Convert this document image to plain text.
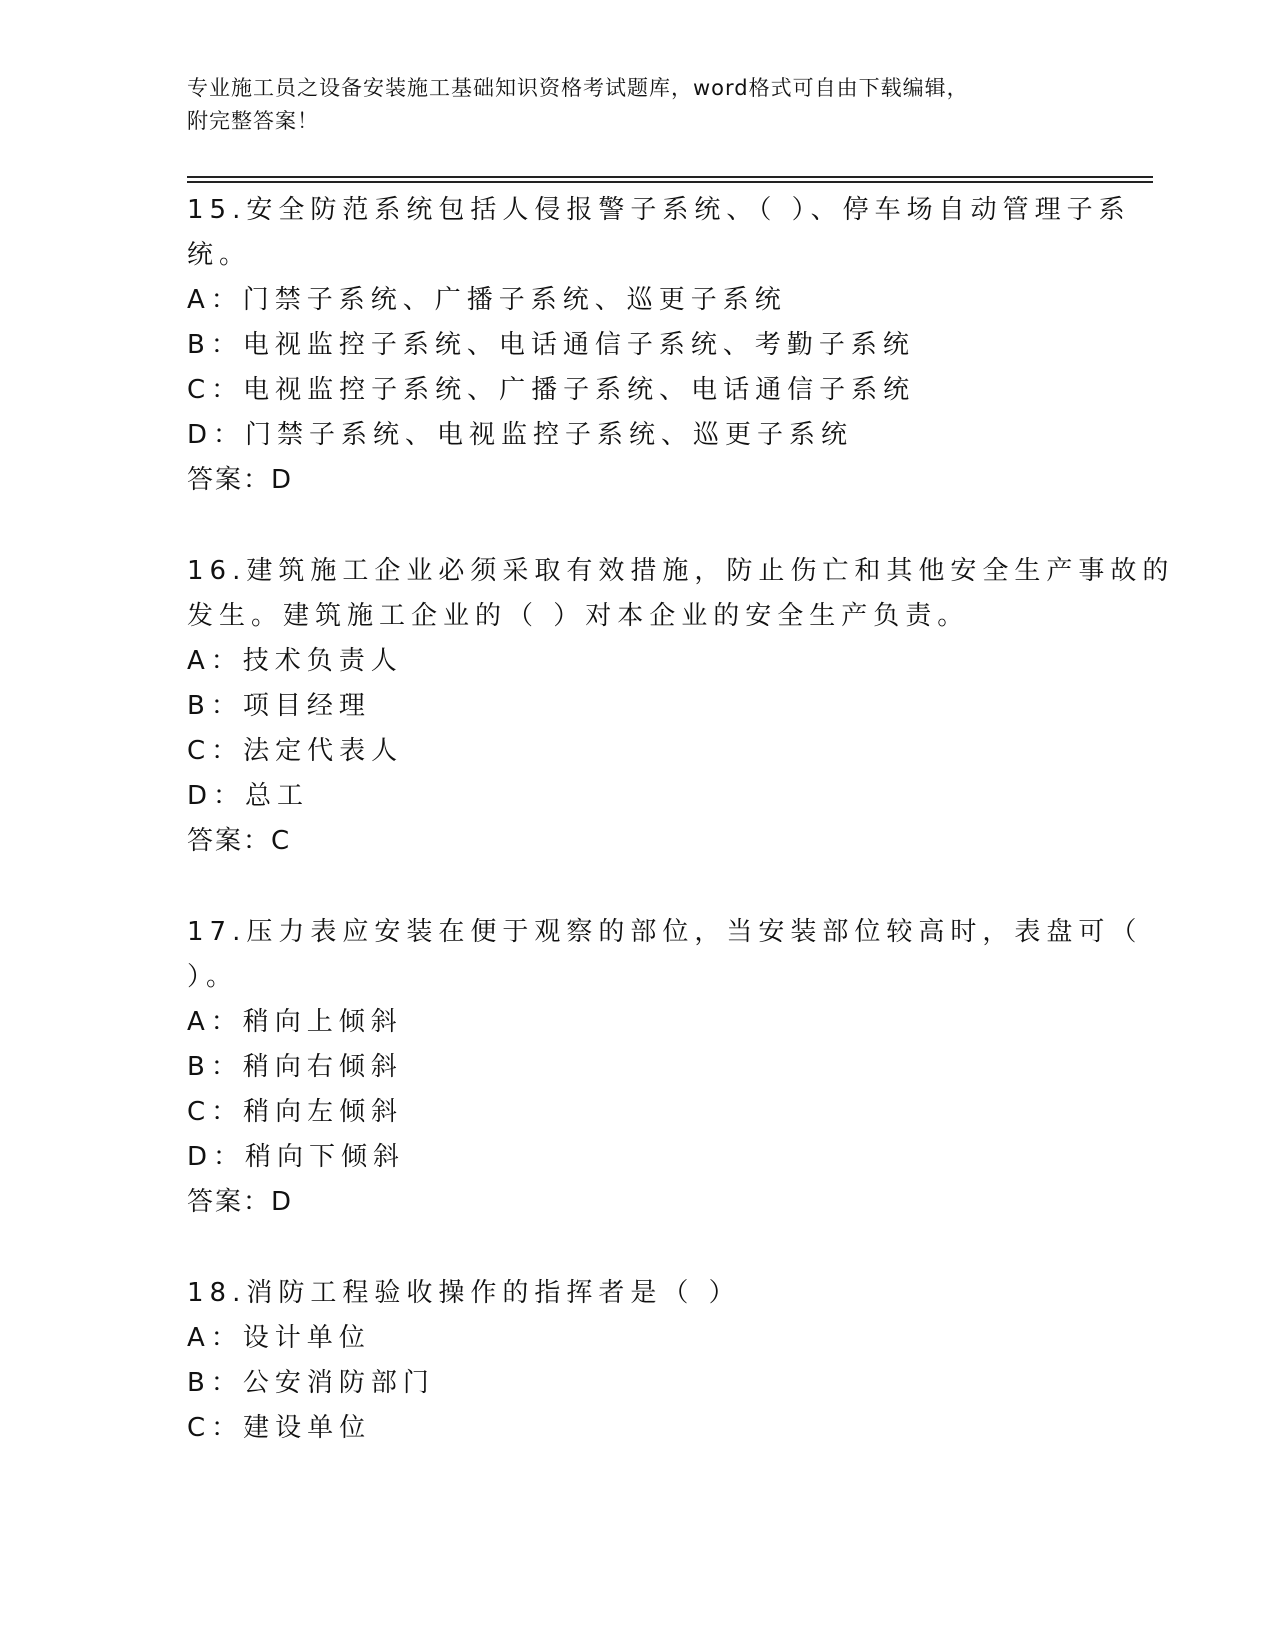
专业施工员之设备安装施工基础知识资格考试题库，word格式可自由下载编辑，
附完整答案！
15.安全防范系统包括人侵报警子系统、（ ）、停车场自动管理子系
统。
A：门禁子系统、广播子系统、巡更子系统
B：电视监控子系统、电话通信子系统、考勤子系统
C：电视监控子系统、广播子系统、电话通信子系统
D：门禁子系统、电视监控子系统、巡更子系统
答案：D
16.建筑施工企业必须采取有效措施，防止伤亡和其他安全生产事故的
发生。建筑施工企业的（ ）对本企业的安全生产负责。
A：技术负责人
B：项目经理
C：法定代表人
D：总工
答案：C
17.压力表应安装在便于观察的部位，当安装部位较高时，表盘可（
）。
A：稍向上倾斜
B：稍向右倾斜
C：稍向左倾斜
D：稍向下倾斜
答案：D
18.消防工程验收操作的指挥者是（ ）
A：设计单位
B：公安消防部门
C：建设单位
